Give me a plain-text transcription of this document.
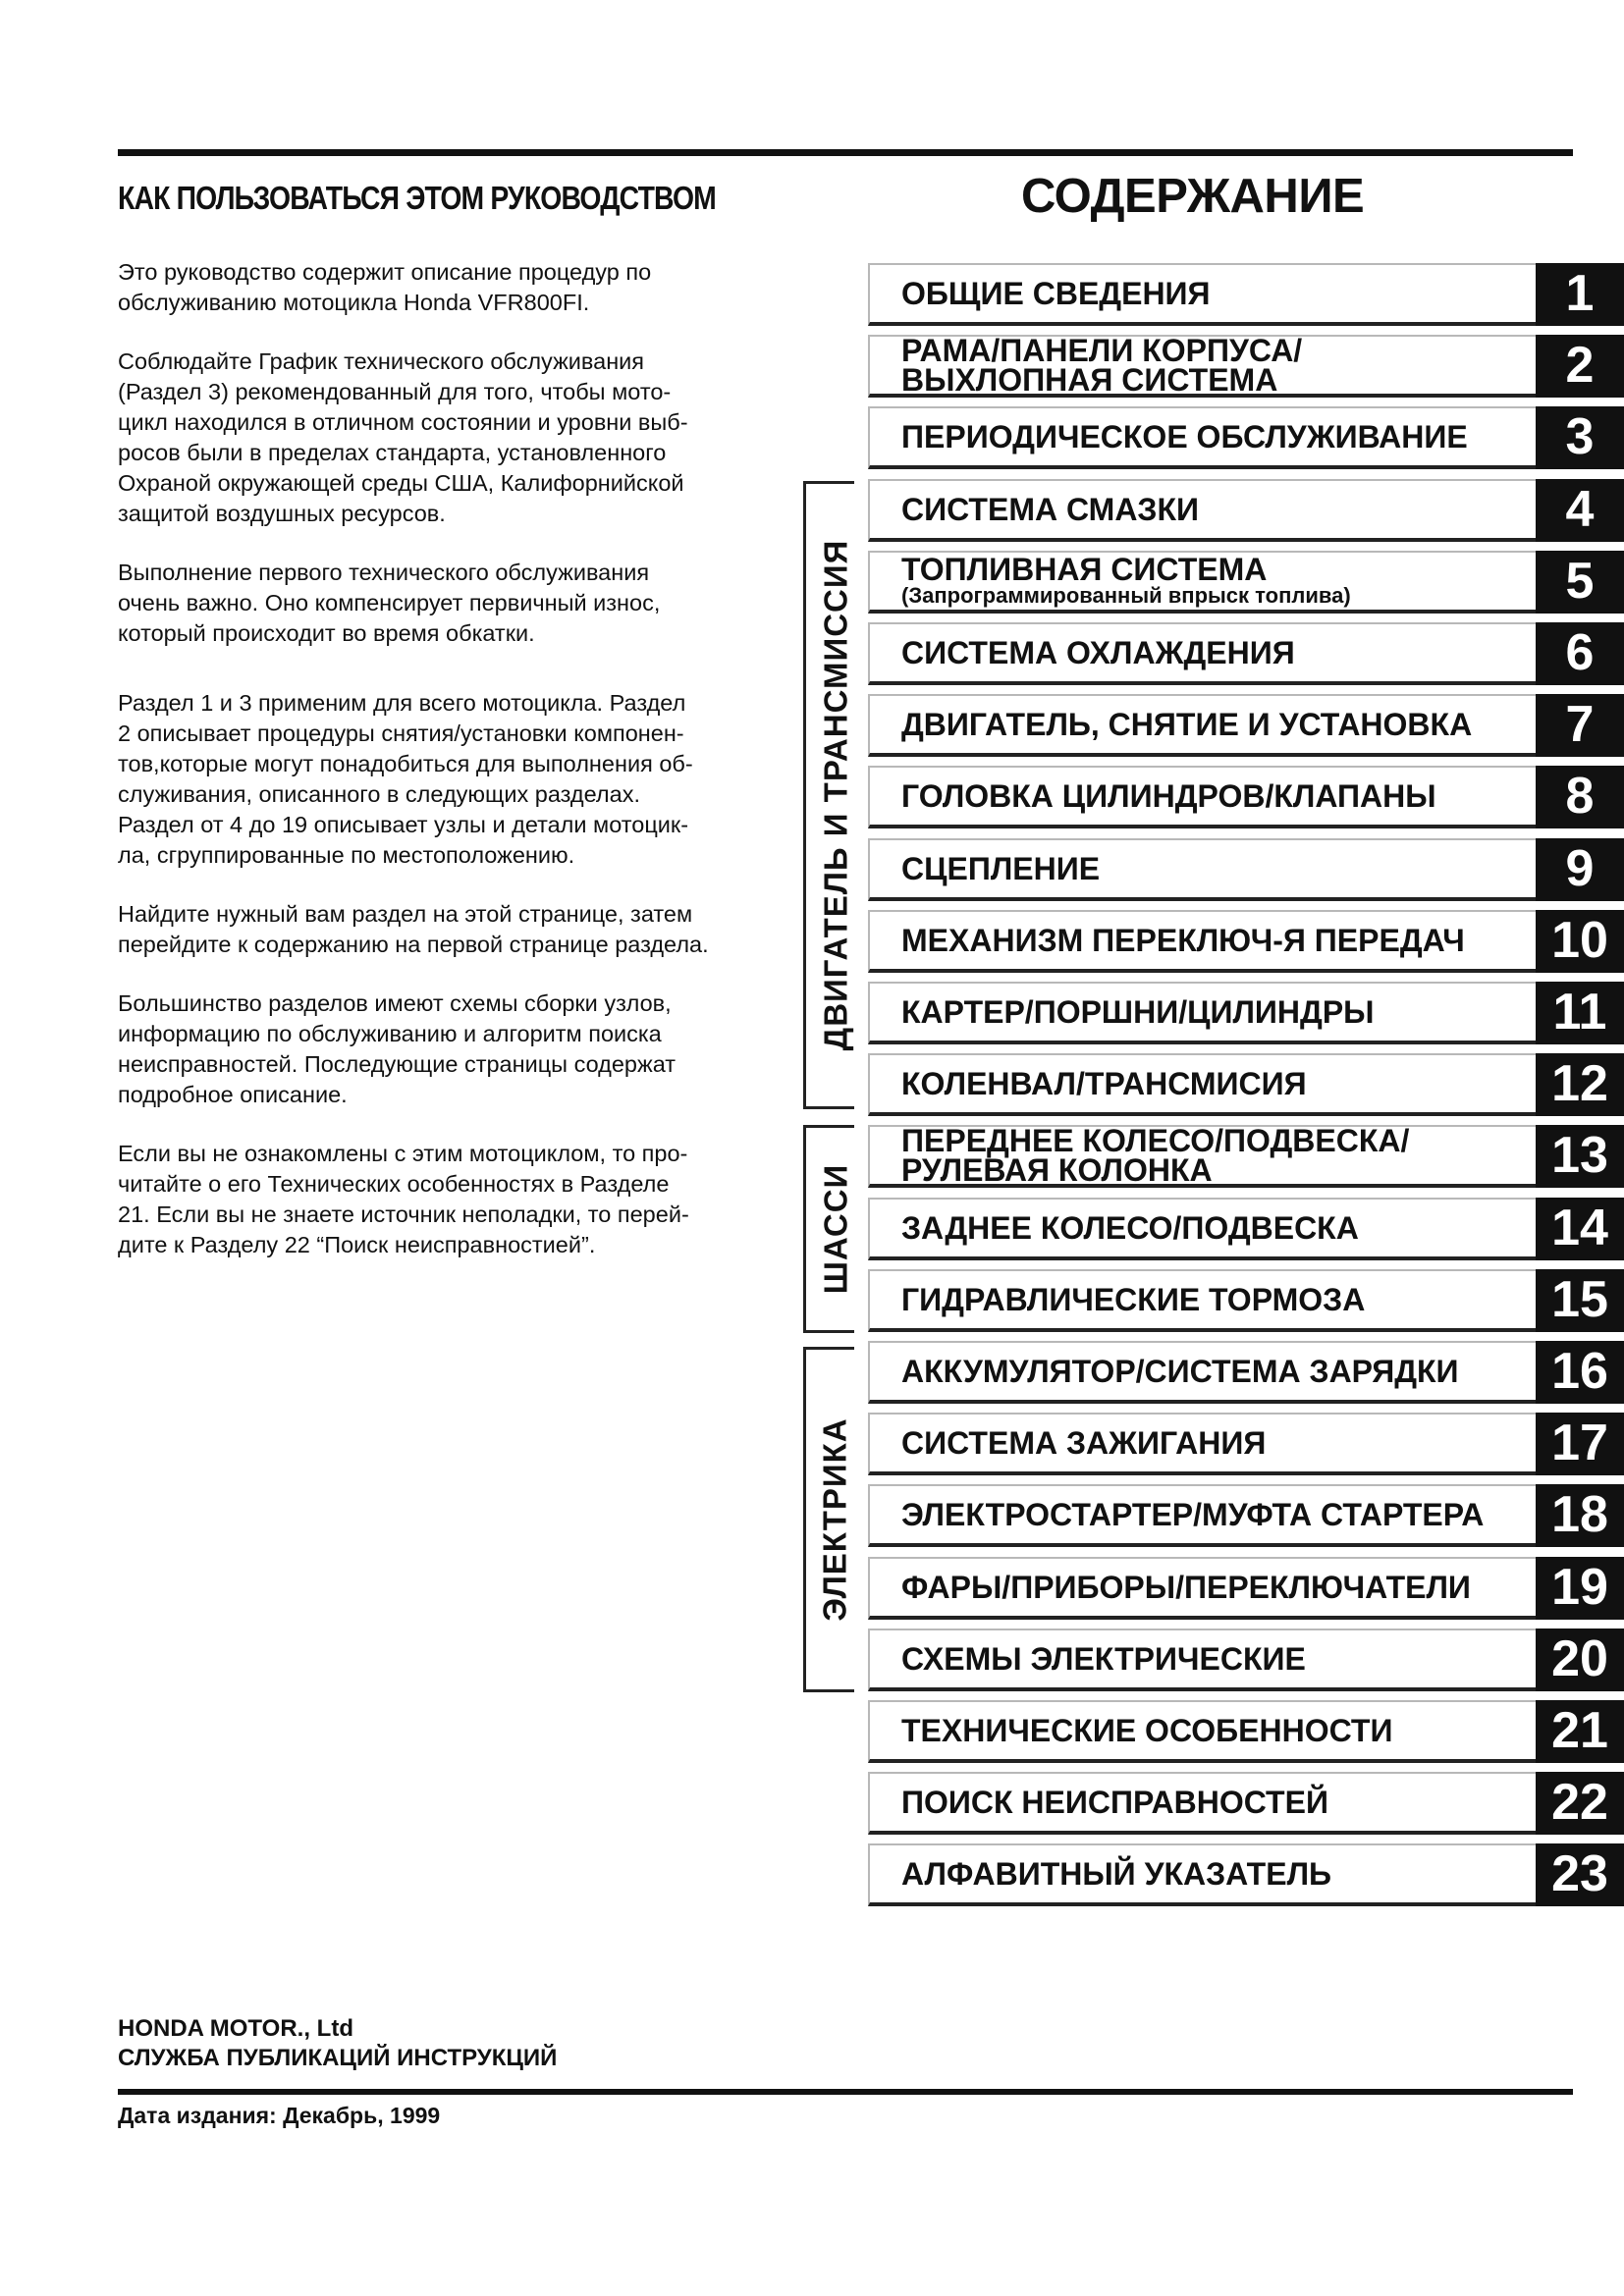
КАК ПОЛЬЗОВАТЬСЯ ЭТОМ РУКОВОДСТВОМ	СОДЕРЖАНИЕ

Это руководство содержит описание процедур по
обслуживанию мотоцикла Honda VFR800FI.

Соблюдайте График технического обслуживания
(Раздел 3) рекомендованный для того, чтобы мото-
цикл находился в отличном состоянии и уровни выб-
росов были в пределах стандарта, установленного
Охраной окружающей среды США, Калифорнийской
защитой воздушных ресурсов.

Выполнение первого технического обслуживания
очень важно. Оно компенсирует первичный износ,
который происходит во время обкатки.

Раздел 1 и 3 применим для всего мотоцикла. Раздел
2 описывает процедуры снятия/установки компонен-
тов,которые могут понадобиться для выполнения об-
служивания, описанного в следующих разделах.
Раздел от 4 до 19 описывает узлы и детали мотоцик-
ла, сгруппированные по местоположению.

Найдите нужный вам раздел на этой странице, затем
перейдите к содержанию на первой странице раздела.

Большинство разделов имеют схемы сборки узлов,
информацию по обслуживанию и алгоритм поиска
неисправностей. Последующие страницы содержат
подробное описание.

Если вы не ознакомлены с этим мотоциклом, то про-
читайте о его Технических особенностях в Разделе
21. Если вы не знаете источник неполадки, то перей-
дите к Разделу 22 “Поиск неисправностией”.

ДВИГАТЕЛЬ И ТРАНСМИССИЯ
ШАССИ
ЭЛЕКТРИКА
ОБЩИЕ СВЕДЕНИЯ	1
РАМА/ПАНЕЛИ КОРПУСА/
ВЫХЛОПНАЯ СИСТЕМА	2
ПЕРИОДИЧЕСКОЕ ОБСЛУЖИВАНИЕ	3
СИСТЕМА СМАЗКИ	4
ТОПЛИВНАЯ СИСТЕМА
(Запрограммированный впрыск топлива)	5
СИСТЕМА ОХЛАЖДЕНИЯ	6
ДВИГАТЕЛЬ, СНЯТИЕ И УСТАНОВКА	7
ГОЛОВКА ЦИЛИНДРОВ/КЛАПАНЫ	8
СЦЕПЛЕНИЕ	9
МЕХАНИЗМ ПЕРЕКЛЮЧ-Я ПЕРЕДАЧ	10
КАРТЕР/ПОРШНИ/ЦИЛИНДРЫ	11
КОЛЕНВАЛ/ТРАНСМИСИЯ	12
ПЕРЕДНЕЕ КОЛЕСО/ПОДВЕСКА/
РУЛЕВАЯ КОЛОНКА	13
ЗАДНЕЕ КОЛЕСО/ПОДВЕСКА	14
ГИДРАВЛИЧЕСКИЕ ТОРМОЗА	15
АККУМУЛЯТОР/СИСТЕМА ЗАРЯДКИ	16
СИСТЕМА ЗАЖИГАНИЯ	17
ЭЛЕКТРОСТАРТЕР/МУФТА СТАРТЕРА	18
ФАРЫ/ПРИБОРЫ/ПЕРЕКЛЮЧАТЕЛИ	19
СХЕМЫ ЭЛЕКТРИЧЕСКИЕ	20
ТЕХНИЧЕСКИЕ ОСОБЕННОСТИ	21
ПОИСК НЕИСПРАВНОСТЕЙ	22
АЛФАВИТНЫЙ УКАЗАТЕЛЬ	23
HONDA MOTOR., Ltd
СЛУЖБА ПУБЛИКАЦИЙ ИНСТРУКЦИЙ
Дата издания: Декабрь, 1999
